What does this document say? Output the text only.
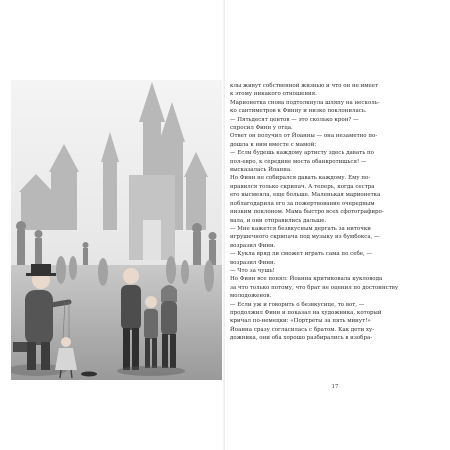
клы живут собственной жизнью и что он не имеет
к этому никакого отношения.
Марионетка снова подтолкнула шляпу на несколь-
ко сантиметров к Финну и низко поклонилась.
— Пятьдесят центов — это сколько крон? —
спросил Финн у отца.
Ответ он получил от Йоанны — она незаметно по-
дошла к ним вместе с мамой:
— Если будешь каждому артисту здесь давать по
пол-евро, к середине моста обанкротишься! —
высказалась Йоанна.
Но Финн не собирался давать каждому. Ему по-
нравился только скрипач. А теперь, когда сестра
его высмеяла, еще больше. Маленькая марионетка
поблагодарила его за пожертвование очередным
низким поклоном. Мама быстро всех сфотографиро-
вала, и они отправились дальше.
— Мне кажется безвкусным дергать за ниточки
игрушечного скрипача под музыку из бумбокса, —
возразил Финн.
— Кукла вряд ли сможет играть сама по себе, —
возразил Финн.
— Что за чушь!
Но Финн все понял: Йоанна критиковала кукловода
за что только потому, что брат не оценил по достоинству
молодоженов.
— Если уж и говорить о безвкусице, то вот, —
продолжил Финн и показал на художника, который
кричал по-немецки: «Портреты за пять минут!»
Йоанна сразу согласилась с братом. Как дети ху-
дожника, они оба хорошо разбирались в изобра-
17
